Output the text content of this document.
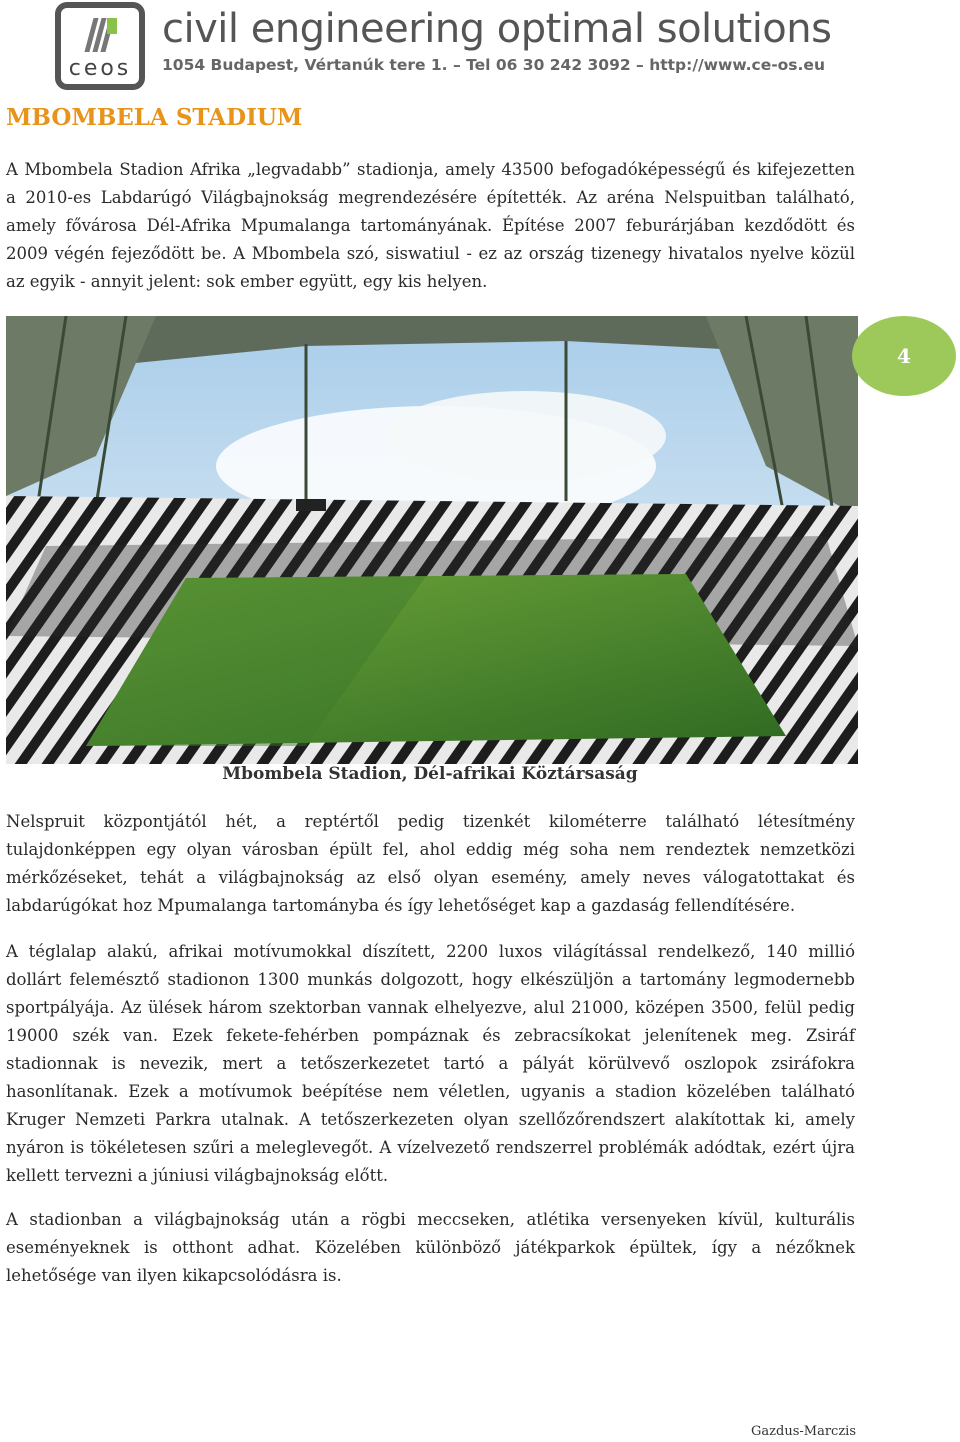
ceos
civil engineering optimal solutions
1054 Budapest, Vértanúk tere 1. – Tel 06 30 242 3092 – http://www.ce-os.eu
MBOMBELA STADIUM

A Mbombela Stadion Afrika „legvadabb” stadionja, amely 43500 befogadóképességű és kifejezetten a 2010-es Labdarúgó Világbajnokság megrendezésére építették. Az aréna Nelspuitban található, amely fővárosa Dél-Afrika Mpumalanga tartományának. Építése 2007 feburárjában kezdődött és 2009 végén fejeződött be. A Mbombela szó, siswatiul - ez az ország tizenegy hivatalos nyelve közül az egyik - annyit jelent: sok ember együtt, egy kis helyen.

4
Mbombela Stadion, Dél-afrikai Köztársaság

Nelspruit központjától hét, a reptértől pedig tizenkét kilométerre található létesítmény tulajdonképpen egy olyan városban épült fel, ahol eddig még soha nem rendeztek nemzetközi mérkőzéseket, tehát a világbajnokság az első olyan esemény, amely neves válogatottakat és labdarúgókat hoz Mpumalanga tartományba és így lehetőséget kap a gazdaság fellendítésére.

A téglalap alakú, afrikai motívumokkal díszített, 2200 luxos világítással rendelkező, 140 millió dollárt felemésztő stadionon 1300 munkás dolgozott, hogy elkészüljön a tartomány legmodernebb sportpályája. Az ülések három szektorban vannak elhelyezve, alul 21000, középen 3500, felül pedig 19000 szék van. Ezek fekete-fehérben pompáznak és zebracsíkokat jelenítenek meg. Zsiráf stadionnak is nevezik, mert a tetőszerkezetet tartó a pályát körülvevő oszlopok zsiráfokra hasonlítanak. Ezek a motívumok beépítése nem véletlen, ugyanis a stadion közelében található Kruger Nemzeti Parkra utalnak. A tetőszerkezeten olyan szellőzőrendszert alakítottak ki, amely nyáron is tökéletesen szűri a meleglevegőt. A vízelvezető rendszerrel problémák adódtak, ezért újra kellett tervezni a júniusi világbajnokság előtt.

A stadionban a világbajnokság után a rögbi meccseken, atlétika versenyeken kívül, kulturális eseményeknek is otthont adhat. Közelében különböző játékparkok épültek, így a nézőknek lehetősége van ilyen kikapcsolódásra is.

Gazdus-Marczis
